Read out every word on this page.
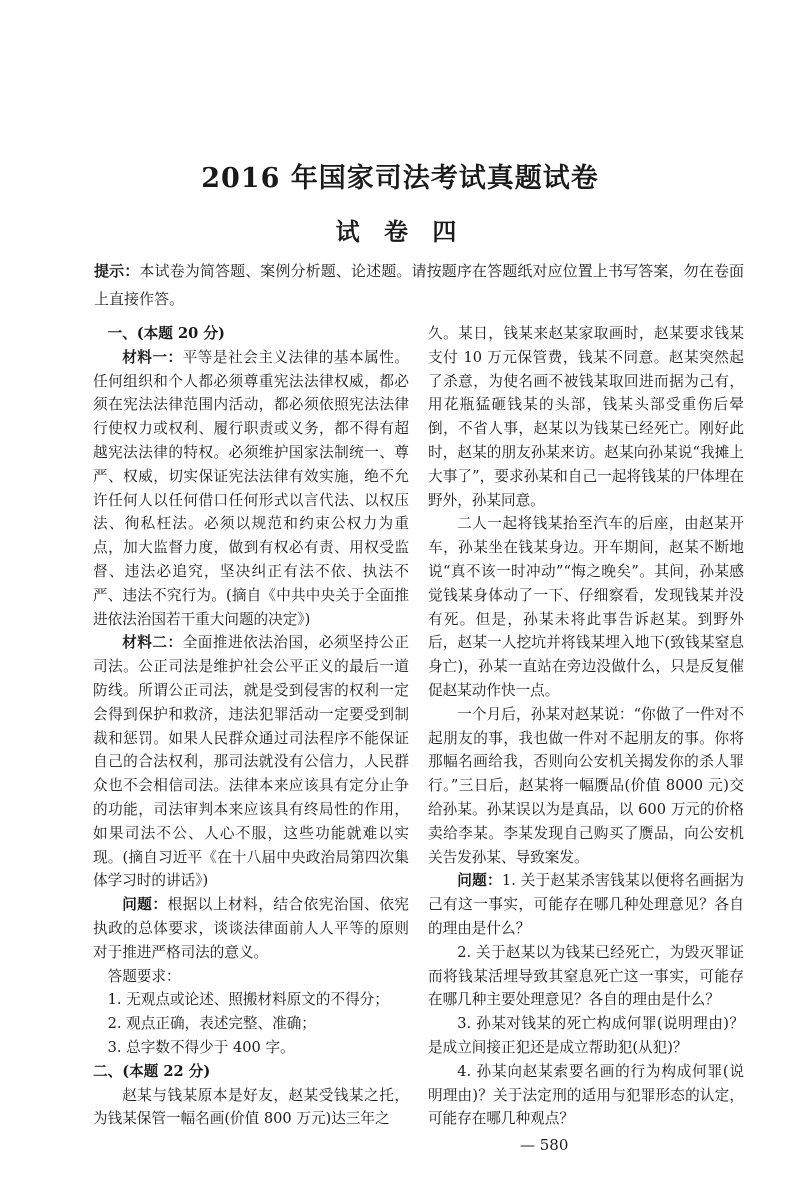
2016 年国家司法考试真题试卷
试 卷 四
提示：本试卷为简答题、案例分析题、论述题。请按题序在答题纸对应位置上书写答案，勿在卷面上直接作答。

一、(本题 20 分)

材料一：平等是社会主义法律的基本属性。任何组织和个人都必须尊重宪法法律权威，都必须在宪法法律范围内活动，都必须依照宪法法律行使权力或权利、履行职责或义务，都不得有超越宪法法律的特权。必须维护国家法制统一、尊严、权威，切实保证宪法法律有效实施，绝不允许任何人以任何借口任何形式以言代法、以权压法、徇私枉法。必须以规范和约束公权力为重点，加大监督力度，做到有权必有责、用权受监督、违法必追究，坚决纠正有法不依、执法不严、违法不究行为。(摘自《中共中央关于全面推进依法治国若干重大问题的决定》)

材料二：全面推进依法治国，必须坚持公正司法。公正司法是维护社会公平正义的最后一道防线。所谓公正司法，就是受到侵害的权利一定会得到保护和救济，违法犯罪活动一定要受到制裁和惩罚。如果人民群众通过司法程序不能保证自己的合法权利，那司法就没有公信力，人民群众也不会相信司法。法律本来应该具有定分止争的功能，司法审判本来应该具有终局性的作用，如果司法不公、人心不服，这些功能就难以实现。(摘自习近平《在十八届中央政治局第四次集体学习时的讲话》)

问题：根据以上材料，结合依宪治国、依宪执政的总体要求，谈谈法律面前人人平等的原则对于推进严格司法的意义。

答题要求：

1. 无观点或论述、照搬材料原文的不得分；

2. 观点正确，表述完整、准确；

3. 总字数不得少于 400 字。

二、(本题 22 分)

赵某与钱某原本是好友，赵某受钱某之托，为钱某保管一幅名画(价值 800 万元)达三年之

久。某日，钱某来赵某家取画时，赵某要求钱某支付 10 万元保管费，钱某不同意。赵某突然起了杀意，为使名画不被钱某取回进而据为己有，用花瓶猛砸钱某的头部，钱某头部受重伤后晕倒，不省人事，赵某以为钱某已经死亡。刚好此时，赵某的朋友孙某来访。赵某向孙某说“我摊上大事了”，要求孙某和自己一起将钱某的尸体埋在野外，孙某同意。

二人一起将钱某抬至汽车的后座，由赵某开车，孙某坐在钱某身边。开车期间，赵某不断地说“真不该一时冲动”“悔之晚矣”。其间，孙某感觉钱某身体动了一下、仔细察看，发现钱某并没有死。但是，孙某未将此事告诉赵某。到野外后，赵某一人挖坑并将钱某埋入地下(致钱某窒息身亡)，孙某一直站在旁边没做什么，只是反复催促赵某动作快一点。

一个月后，孙某对赵某说：“你做了一件对不起朋友的事，我也做一件对不起朋友的事。你将那幅名画给我，否则向公安机关揭发你的杀人罪行。”三日后，赵某将一幅赝品(价值 8000 元)交给孙某。孙某误以为是真品，以 600 万元的价格卖给李某。李某发现自己购买了赝品，向公安机关告发孙某、导致案发。

问题：1. 关于赵某杀害钱某以便将名画据为己有这一事实，可能存在哪几种处理意见？各自的理由是什么？

2. 关于赵某以为钱某已经死亡，为毁灭罪证而将钱某活埋导致其窒息死亡这一事实，可能存在哪几种主要处理意见？各自的理由是什么？

3. 孙某对钱某的死亡构成何罪(说明理由)？是成立间接正犯还是成立帮助犯(从犯)？

4. 孙某向赵某索要名画的行为构成何罪(说明理由)？关于法定刑的适用与犯罪形态的认定，可能存在哪几种观点？

— 580
